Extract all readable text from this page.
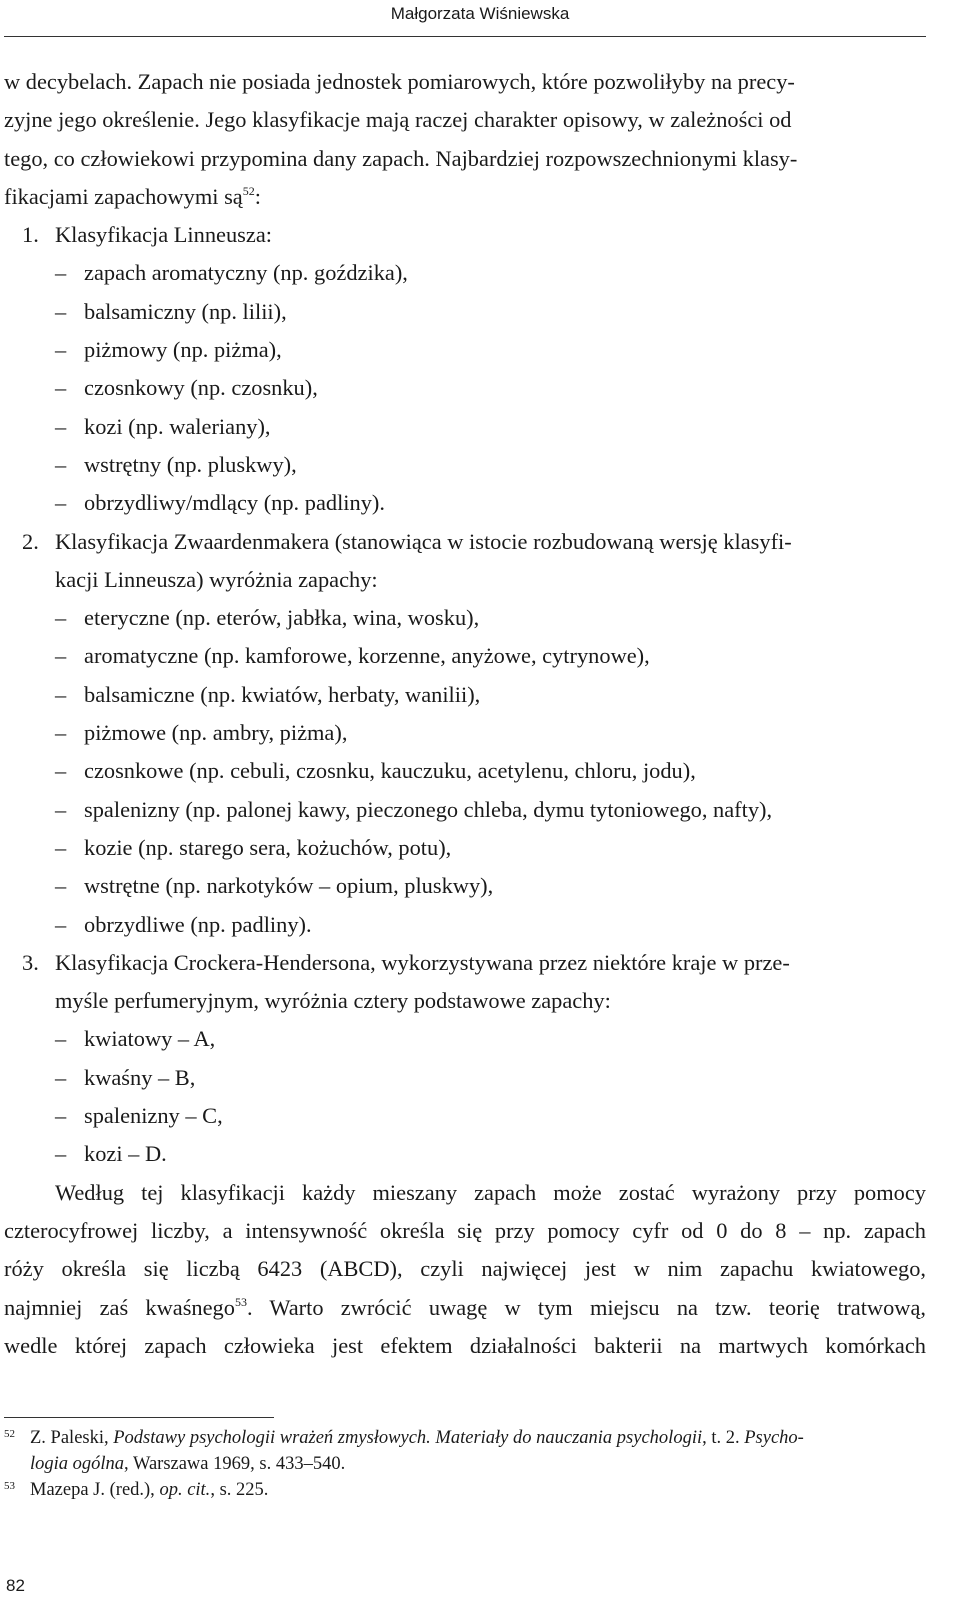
Małgorzata Wiśniewska
w decybelach. Zapach nie posiada jednostek pomiarowych, które pozwoliłyby na precy-
zyjne jego określenie. Jego klasyfikacje mają raczej charakter opisowy, w zależności od
tego, co człowiekowi przypomina dany zapach. Najbardziej rozpowszechnionymi klasy-
fikacjami zapachowymi $są^{52}$:
1. Klasyfikacja Linneusza:
– zapach aromatyczny (np. goździka),
– balsamiczny (np. lilii),
– piżmowy (np. piżma),
– czosnkowy (np. czosnku),
– kozi (np. waleriany),
– wstrętny (np. pluskwy),
– obrzydliwy/mdlący (np. padliny).
2. Klasyfikacja Zwaardenmakera (stanowiąca w istocie rozbudowaną wersję klasyfi-
kacji Linneusza) wyróżnia zapachy:
– eteryczne (np. eterów, jabłka, wina, wosku),
– aromatyczne (np. kamforowe, korzenne, anyżowe, cytrynowe),
– balsamiczne (np. kwiatów, herbaty, wanilii),
– piżmowe (np. ambry, piżma),
– czosnkowe (np. cebuli, czosnku, kauczuku, acetylenu, chloru, jodu),
– spalenizny (np. palonej kawy, pieczonego chleba, dymu tytoniowego, nafty),
– kozie (np. starego sera, kożuchów, potu),
– wstrętne (np. narkotyków – opium, pluskwy),
– obrzydliwe (np. padliny).
3. Klasyfikacja Crockera-Hendersona, wykorzystywana przez niektóre kraje w prze-
myśle perfumeryjnym, wyróżnia cztery podstawowe zapachy:
– kwiatowy – A,
– kwaśny – B,
– spalenizny – C,
– kozi – D.
Według tej klasyfikacji każdy mieszany zapach może zostać wyrażony przy pomocy
czterocyfrowej liczby, a intensywność określa się przy pomocy cyfr od 0 do 8 – np. zapach
róży określa się liczbą 6423 (ABCD), czyli najwięcej jest w nim zapachu kwiatowego,
najmniej zaś kwaśnego$^{53}$. Warto zwrócić uwagę w tym miejscu na tzw. teorię tratwową,
wedle której zapach człowieka jest efektem działalności bakterii na martwych komórkach
52 Z. Paleski, Podstawy psychologii wrażeń zmysłowych. Materiały do nauczania psychologii, t. 2. Psycho-
logia ogólna, Warszawa 1969, s. 433–540.
53 Mazepa J. (red.), op. cit., s. 225.
82
